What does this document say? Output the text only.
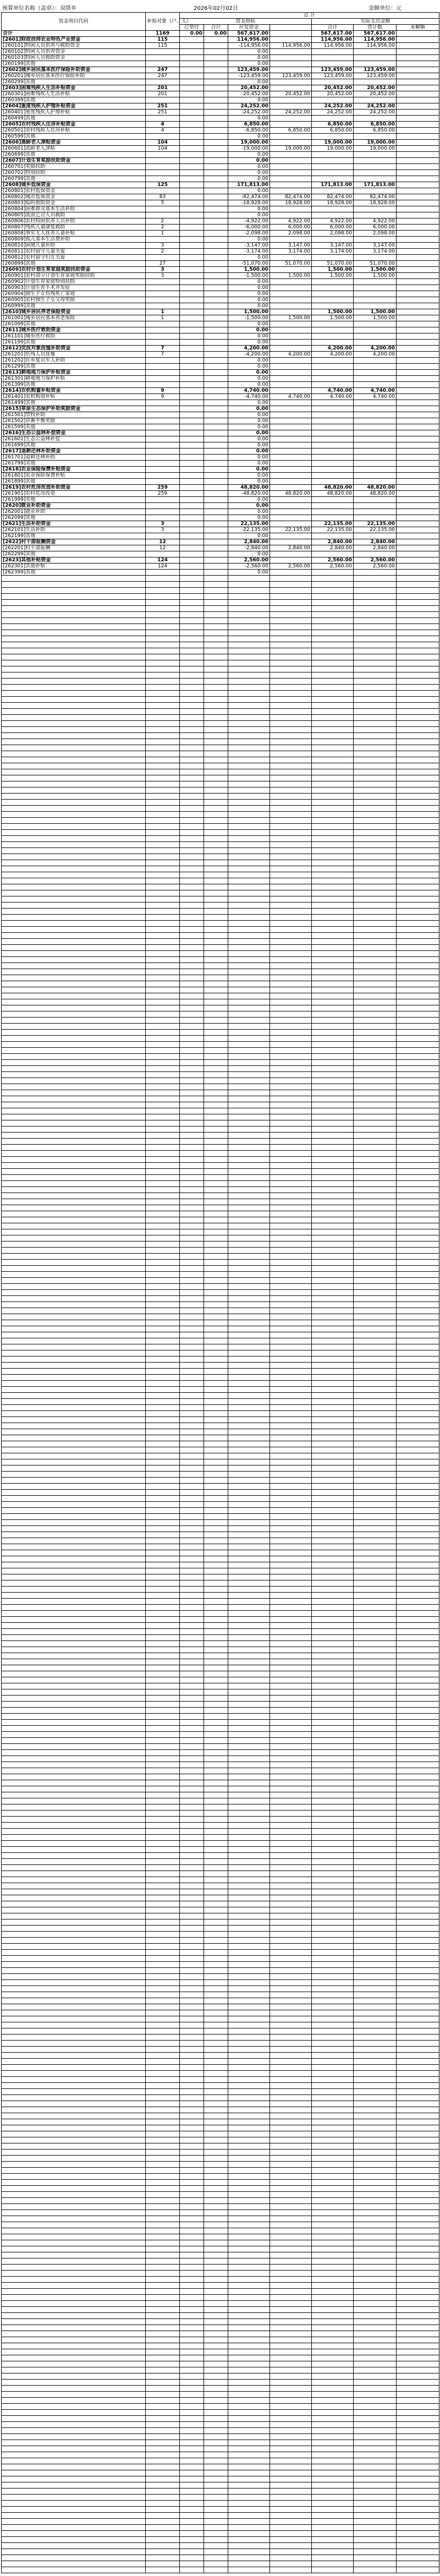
预算单位名称（盖章）：双塔乡	2026年02月02日	金额单位：元
资金项目代码	补贴对象（户、人）	总 计						
		资金指标				实际支出金额		
		已垫付	合计	应发资金		合计	营计数	未解额
合计	1169	0.00	0.00	567,617.00		567,617.00	567,617.00	
[2601]财政扶持农业特色产业资金	115			114,956.00		114,956.00	114,956.00	
[260101]特困人员供养与救助资金	115			-114,956.00	114,956.00	114,956.00	114,956.00	
[260102]特困人员供养资金				0.00				
[260103]特困人员救助资金				0.00				
[260199]其他				0.00				
[2602]城乡居民基本医疗保险补助资金	247			123,459.00		123,459.00	123,459.00	
[260201]城乡居民基本医疗保险补助	247			-123,459.00	123,459.00	123,459.00	123,459.00	
[260299]其他				0.00				
[2603]困难残疾人生活补贴资金	201			20,452.00		20,452.00	20,452.00	
[260301]困难残疾人生活补贴	201			-20,452.00	20,452.00	20,452.00	20,452.00	
[260399]其他				0.00				
[2604]重度残疾人护理补贴资金	251			24,252.00		24,252.00	24,252.00	
[260401]重度残疾人护理补贴	251			-24,252.00	24,252.00	24,252.00	24,252.00	
[260499]其他				0.00				
[2605]农村残疾人住房补贴资金	4			6,850.00		6,850.00	6,850.00	
[260501]农村残疾人住房补贴	4			-6,850.00	6,850.00	6,850.00	6,850.00	
[260599]其他				0.00				
[2606]高龄老人津贴资金	104			19,000.00		19,000.00	19,000.00	
[260601]高龄老人津贴	104			-19,000.00	19,000.00	19,000.00	19,000.00	
[260699]其他				0.00				
[2607]计划生育奖励扶助资金				0.00				
[260701]奖励扶助				0.00				
[260702]特别扶助				0.00				
[260799]其他				0.00				
[2608]城乡低保资金	125			171,813.00		171,813.00	171,813.00	
[260801]农村低保资金				0.00				
[260802]城市低保资金	83			-82,474.00	82,474.00	82,474.00	82,474.00	
[260803]临时救助资金	5			-18,928.00	18,928.00	18,928.00	18,928.00	
[260804]困难群众基本生活补助				0.00				
[260805]流浪乞讨人员救助				0.00				
[260806]农村特困供养人员补助	2			-4,922.00	4,922.00	4,922.00	4,922.00	
[260807]残疾儿童康复救助	2			-6,000.00	6,000.00	6,000.00	6,000.00	
[260808]事实无人抚养儿童补贴	1			-2,098.00	2,098.00	2,098.00	2,098.00	
[260809]孤儿基本生活费补助				0.00				
[260810]困境儿童补助	3			-3,147.00	3,147.00	3,147.00	3,147.00	
[260811]农村留守儿童关爱	2			-3,174.00	3,174.00	3,174.00	3,174.00	
[260812]农村留守妇女关爱				0.00				
[260899]其他	27			-51,070.00	51,070.00	51,070.00	51,070.00	
[2609]农村计划生育家庭奖励扶助资金	3			1,500.00		1,500.00	1,500.00	
[260901]农村部分计划生育家庭奖励扶助	3			-1,500.00	1,500.00	1,500.00	1,500.00	
[260902]计划生育家庭特别扶助				0.00				
[260903]计划生育手术并发症				0.00				
[260904]独生子女伤残死亡家庭				0.00				
[260905]农村独生子女父母奖励				0.00				
[260999]其他				0.00				
[2610]城乡居民养老保险资金	1			1,500.00		1,500.00	1,500.00	
[261001]城乡居民基本养老保险	1			-1,500.00	1,500.00	1,500.00	1,500.00	
[261099]其他				0.00				
[2611]城乡医疗救助资金				0.00				
[261101]城乡医疗救助				0.00				
[261199]其他				0.00				
[2612]优抚对象抚恤补助资金	7			4,200.00		4,200.00	4,200.00	
[261201]伤残人员抚恤	7			-4,200.00	4,200.00	4,200.00	4,200.00	
[261202]在乡复员军人补助				0.00				
[261299]其他				0.00				
[2613]耕地地力保护补贴资金				0.00				
[261301]耕地地力保护补贴				0.00				
[261399]其他				0.00				
[2614]农机购置补贴资金	9			4,740.00		4,740.00	4,740.00	
[261401]农机购置补贴	9			-4,740.00	4,740.00	4,740.00	4,740.00	
[261499]其他				0.00				
[2615]草原生态保护补助奖励资金				0.00				
[261501]禁牧补助				0.00				
[261502]草畜平衡奖励				0.00				
[261599]其他				0.00				
[2616]生态公益林补偿资金				0.00				
[261601]生态公益林补偿				0.00				
[261699]其他				0.00				
[2617]退耕还林补助资金				0.00				
[261701]退耕还林补助				0.00				
[261799]其他				0.00				
[2618]农业保险保费补贴资金				0.00				
[261801]农业保险保费补贴				0.00				
[261899]其他				0.00				
[2619]农村危房改造补助资金	259			48,820.00		48,820.00	48,820.00	
[261901]农村危房改造	259			-48,820.00	48,820.00	48,820.00	48,820.00	
[261999]其他				0.00				
[2620]就业补助资金				0.00				
[262001]就业补助				0.00				
[262099]其他				0.00				
[2621]生活补助资金	3			22,135.00		22,135.00	22,135.00	
[262101]生活补助	3			-22,135.00	22,135.00	22,135.00	22,135.00	
[262199]其他				0.00				
[2622]村干部报酬资金	12			2,840.00		2,840.00	2,840.00	
[262201]村干部报酬	12			-2,840.00	2,840.00	2,840.00	2,840.00	
[262299]其他				0.00				
[2623]其他补贴资金	124			2,560.00		2,560.00	2,560.00	
[262301]其他补贴	124			-2,560.00	2,560.00	2,560.00	2,560.00	
[262399]其他				0.00				
